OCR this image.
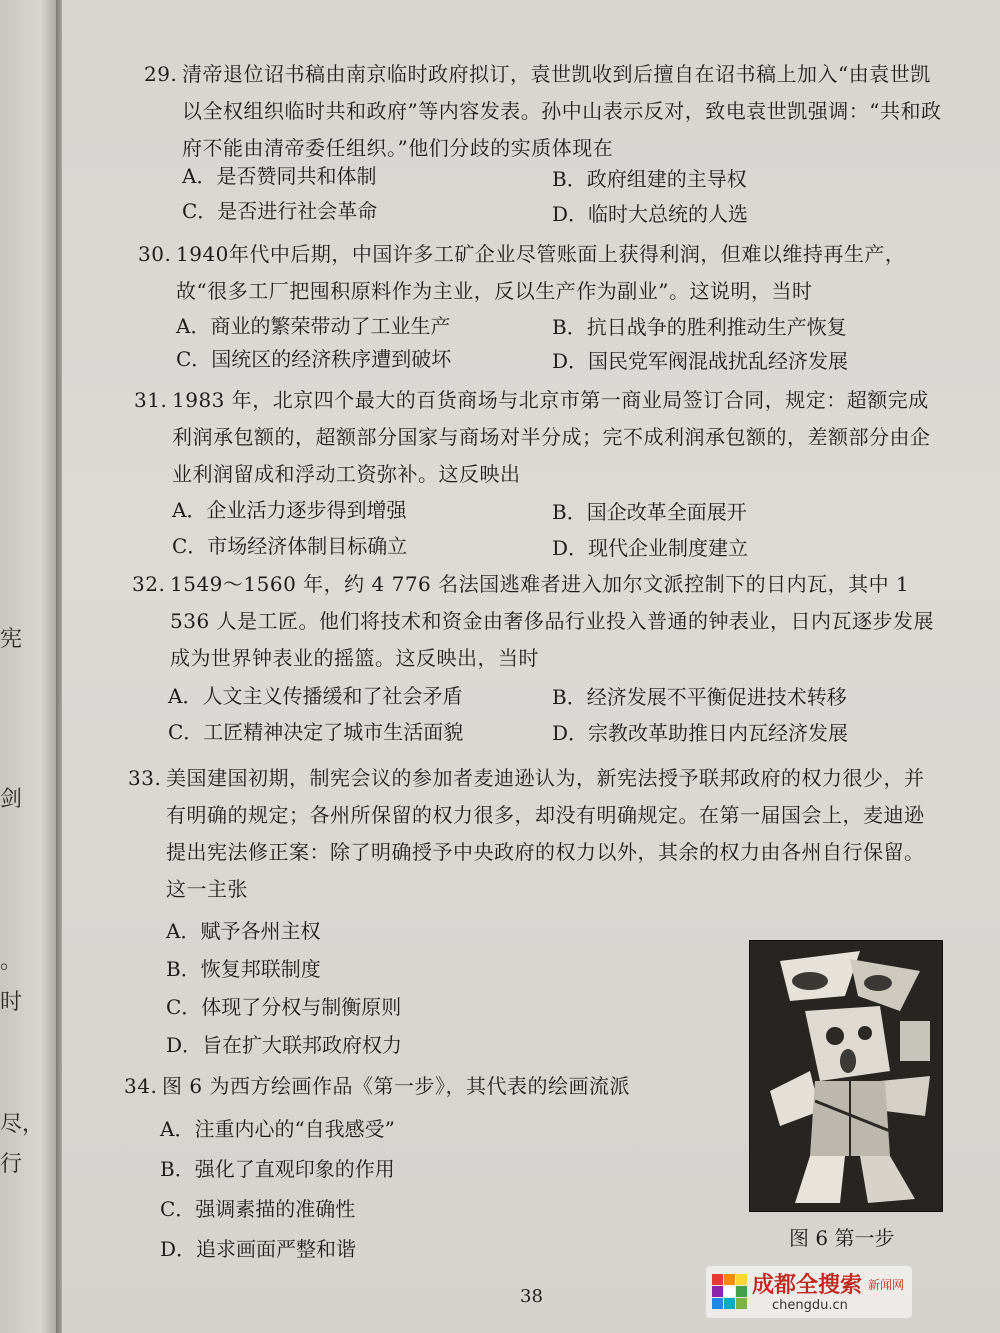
宪
剑
。
时
尽，
行
29. 清帝退位诏书稿由南京临时政府拟订，袁世凯收到后擅自在诏书稿上加入“由袁世凯以全权组织临时共和政府”等内容发表。孙中山表示反对，致电袁世凯强调：“共和政府不能由清帝委任组织。”他们分歧的实质体现在
A．是否赞同共和体制	B．政府组建的主导权
C．是否进行社会革命	D．临时大总统的人选
30. 1940年代中后期，中国许多工矿企业尽管账面上获得利润，但难以维持再生产，故“很多工厂把囤积原料作为主业，反以生产作为副业”。这说明，当时
A．商业的繁荣带动了工业生产	B．抗日战争的胜利推动生产恢复
C．国统区的经济秩序遭到破坏	D．国民党军阀混战扰乱经济发展
31. 1983 年，北京四个最大的百货商场与北京市第一商业局签订合同，规定：超额完成利润承包额的，超额部分国家与商场对半分成；完不成利润承包额的，差额部分由企业利润留成和浮动工资弥补。这反映出
A．企业活力逐步得到增强	B．国企改革全面展开
C．市场经济体制目标确立	D．现代企业制度建立
32. 1549～1560 年，约 4 776 名法国逃难者进入加尔文派控制下的日内瓦，其中 1 536 人是工匠。他们将技术和资金由奢侈品行业投入普通的钟表业，日内瓦逐步发展成为世界钟表业的摇篮。这反映出，当时
A．人文主义传播缓和了社会矛盾	B．经济发展不平衡促进技术转移
C．工匠精神决定了城市生活面貌	D．宗教改革助推日内瓦经济发展
33. 美国建国初期，制宪会议的参加者麦迪逊认为，新宪法授予联邦政府的权力很少，并有明确的规定；各州所保留的权力很多，却没有明确规定。在第一届国会上，麦迪逊提出宪法修正案：除了明确授予中央政府的权力以外，其余的权力由各州自行保留。这一主张
A．赋予各州主权
B．恢复邦联制度
C．体现了分权与制衡原则
D．旨在扩大联邦政府权力
34. 图 6 为西方绘画作品《第一步》，其代表的绘画流派
A．注重内心的“自我感受”
B．强化了直观印象的作用
C．强调素描的准确性
D．追求画面严整和谐	图 6 第一步
38	成都全搜索 新闻网
chengdu.cn
